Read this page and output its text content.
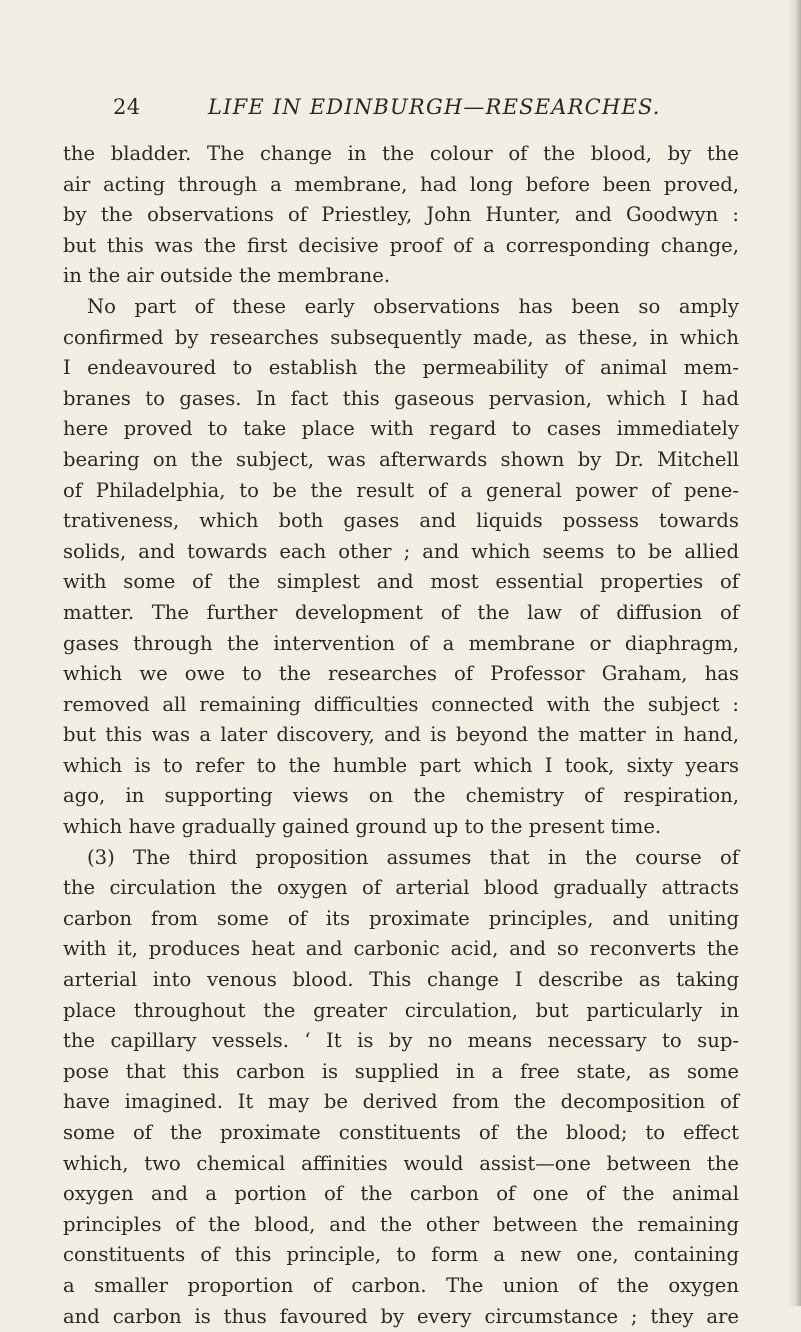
24	LIFE IN EDINBURGH—RESEARCHES.
the bladder. The change in the colour of the blood, by the
air acting through a membrane, had long before been proved,
by the observations of Priestley, John Hunter, and Goodwyn :
but this was the first decisive proof of a corresponding change,
in the air outside the membrane.
No part of these early observations has been so amply
confirmed by researches subsequently made, as these, in which
I endeavoured to establish the permeability of animal mem-
branes to gases. In fact this gaseous pervasion, which I had
here proved to take place with regard to cases immediately
bearing on the subject, was afterwards shown by Dr. Mitchell
of Philadelphia, to be the result of a general power of pene-
trativeness, which both gases and liquids possess towards
solids, and towards each other ; and which seems to be allied
with some of the simplest and most essential properties of
matter. The further development of the law of diffusion of
gases through the intervention of a membrane or diaphragm,
which we owe to the researches of Professor Graham, has
removed all remaining difficulties connected with the subject :
but this was a later discovery, and is beyond the matter in hand,
which is to refer to the humble part which I took, sixty years
ago, in supporting views on the chemistry of respiration,
which have gradually gained ground up to the present time.
(3) The third proposition assumes that in the course of
the circulation the oxygen of arterial blood gradually attracts
carbon from some of its proximate principles, and uniting
with it, produces heat and carbonic acid, and so reconverts the
arterial into venous blood. This change I describe as taking
place throughout the greater circulation, but particularly in
the capillary vessels. ‘ It is by no means necessary to sup-
pose that this carbon is supplied in a free state, as some
have imagined. It may be derived from the decomposition of
some of the proximate constituents of the blood; to effect
which, two chemical affinities would assist—one between the
oxygen and a portion of the carbon of one of the animal
principles of the blood, and the other between the remaining
constituents of this principle, to form a new one, containing
a smaller proportion of carbon. The union of the oxygen
and carbon is thus favoured by every circumstance ; they are
